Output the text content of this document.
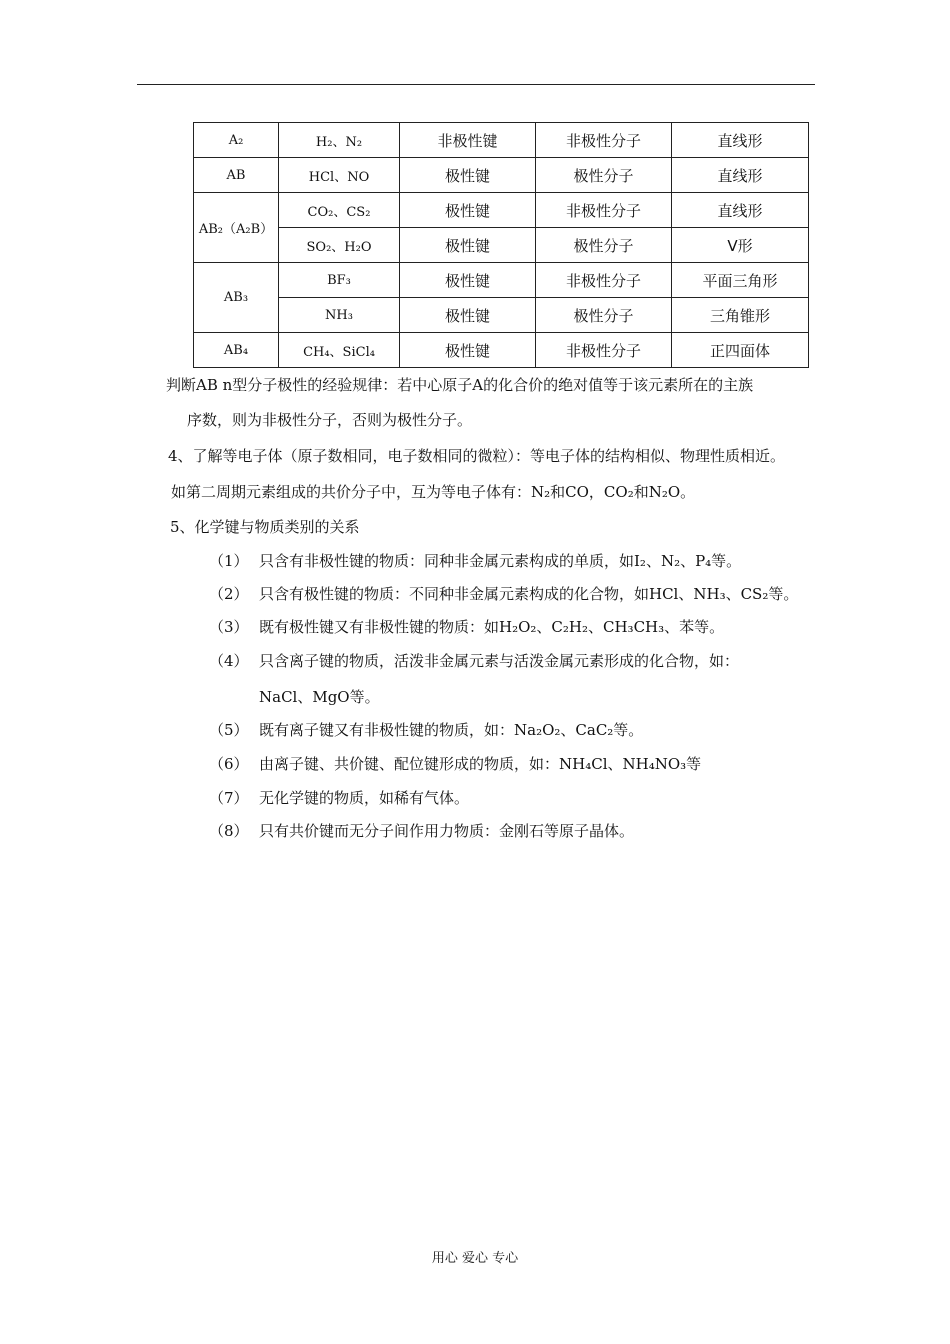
A₂	H₂、N₂	非极性键	非极性分子	直线形
AB	HCl、NO	极性键	极性分子	直线形
AB₂（A₂B）	CO₂、CS₂	极性键	非极性分子	直线形
	SO₂、H₂O	极性键	极性分子	V形
AB₃	BF₃	极性键	非极性分子	平面三角形
	NH₃	极性键	极性分子	三角锥形
AB₄	CH₄、SiCl₄	极性键	非极性分子	正四面体
判断AB n型分子极性的经验规律：若中心原子A的化合价的绝对值等于该元素所在的主族
序数，则为非极性分子，否则为极性分子。
4、了解等电子体（原子数相同，电子数相同的微粒）：等电子体的结构相似、物理性质相近。
如第二周期元素组成的共价分子中，互为等电子体有：N₂和CO，CO₂和N₂O。
5、化学键与物质类别的关系
（1） 只含有非极性键的物质：同种非金属元素构成的单质，如I₂、N₂、P₄等。
（2） 只含有极性键的物质：不同种非金属元素构成的化合物，如HCl、NH₃、CS₂等。
（3） 既有极性键又有非极性键的物质：如H₂O₂、C₂H₂、CH₃CH₃、苯等。
（4） 只含离子键的物质，活泼非金属元素与活泼金属元素形成的化合物，如：
NaCl、MgO等。
（5） 既有离子键又有非极性键的物质，如：Na₂O₂、CaC₂等。
（6） 由离子键、共价键、配位键形成的物质，如：NH₄Cl、NH₄NO₃等
（7） 无化学键的物质，如稀有气体。
（8） 只有共价键而无分子间作用力物质：金刚石等原子晶体。
用心 爱心 专心
